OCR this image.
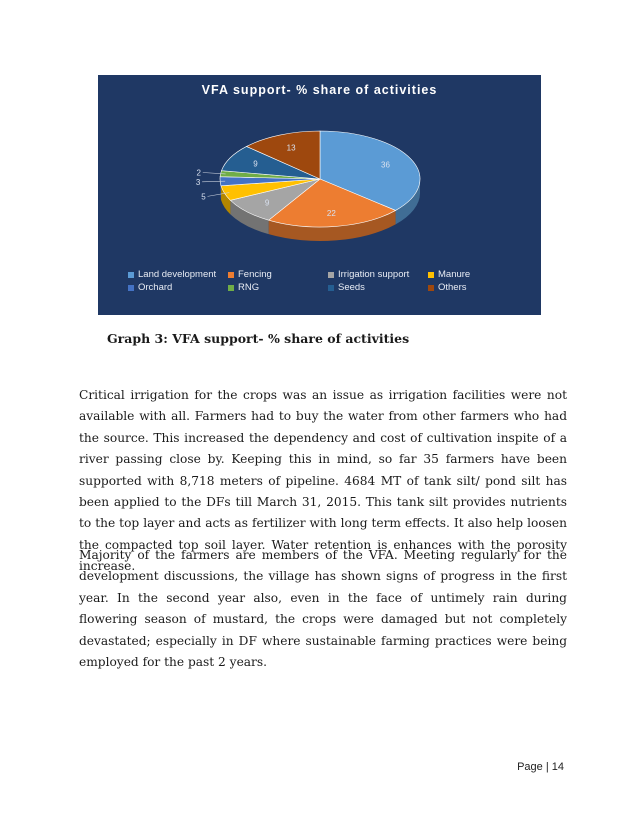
VFA support- % share of activities
36
22
9
5
3
2
9
13
Land development Fencing	Irrigation support	Manure
Orchard	RNG	Seeds	Others
Graph 3: VFA support- % share of activities
Critical irrigation for the crops was an issue as irrigation facilities were not available with all. Farmers had to buy the water from other farmers who had the source. This increased the dependency and cost of cultivation inspite of a river passing close by. Keeping this in mind, so far 35 farmers have been supported with 8,718 meters of pipeline. 4684 MT of tank silt/ pond silt has been applied to the DFs till March 31, 2015. This tank silt provides nutrients to the top layer and acts as fertilizer with long term effects. It also help loosen the compacted top soil layer. Water retention is enhances with the porosity increase.
Majority of the farmers are members of the VFA. Meeting regularly for the development discussions, the village has shown signs of progress in the first year. In the second year also, even in the face of untimely rain during flowering season of mustard, the crops were damaged but not completely devastated; especially in DF where sustainable farming practices were being employed for the past 2 years.
Page | 14
